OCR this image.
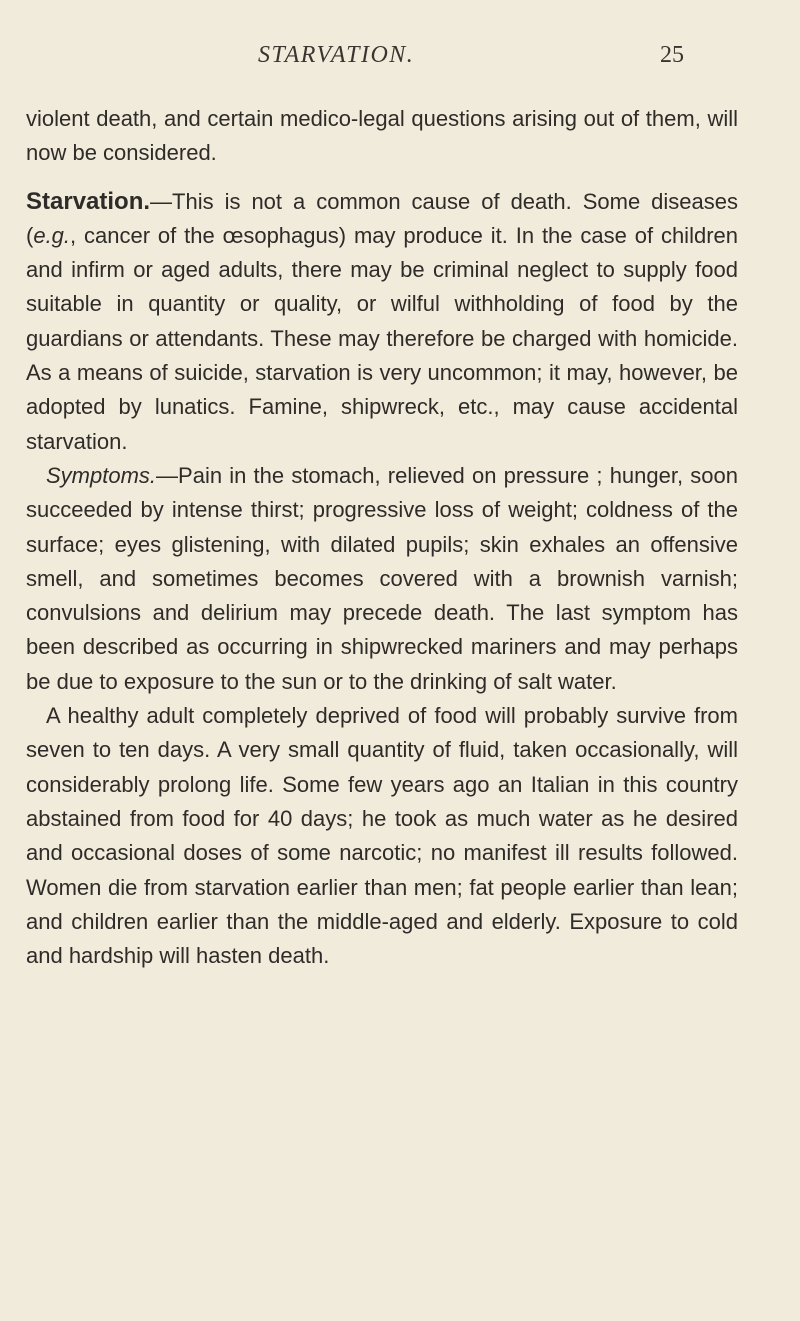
STARVATION.	25

violent death, and certain medico-legal questions arising out of them, will now be considered.

Starvation.—This is not a common cause of death. Some diseases (e.g., cancer of the œsophagus) may produce it. In the case of children and infirm or aged adults, there may be criminal neglect to supply food suitable in quantity or quality, or wilful withholding of food by the guardians or attendants. These may therefore be charged with homicide. As a means of suicide, starvation is very uncommon; it may, however, be adopted by lunatics. Famine, shipwreck, etc., may cause accidental starvation.

Symptoms.—Pain in the stomach, relieved on pressure ; hunger, soon succeeded by intense thirst; progressive loss of weight; coldness of the surface; eyes glistening, with dilated pupils; skin exhales an offensive smell, and sometimes becomes covered with a brownish varnish; convulsions and delirium may precede death. The last symptom has been described as occurring in shipwrecked mariners and may perhaps be due to exposure to the sun or to the drinking of salt water.

A healthy adult completely deprived of food will probably survive from seven to ten days. A very small quantity of fluid, taken occasionally, will considerably prolong life. Some few years ago an Italian in this country abstained from food for 40 days; he took as much water as he desired and occasional doses of some narcotic; no manifest ill results followed. Women die from starvation earlier than men; fat people earlier than lean; and children earlier than the middle-aged and elderly. Exposure to cold and hardship will hasten death.
